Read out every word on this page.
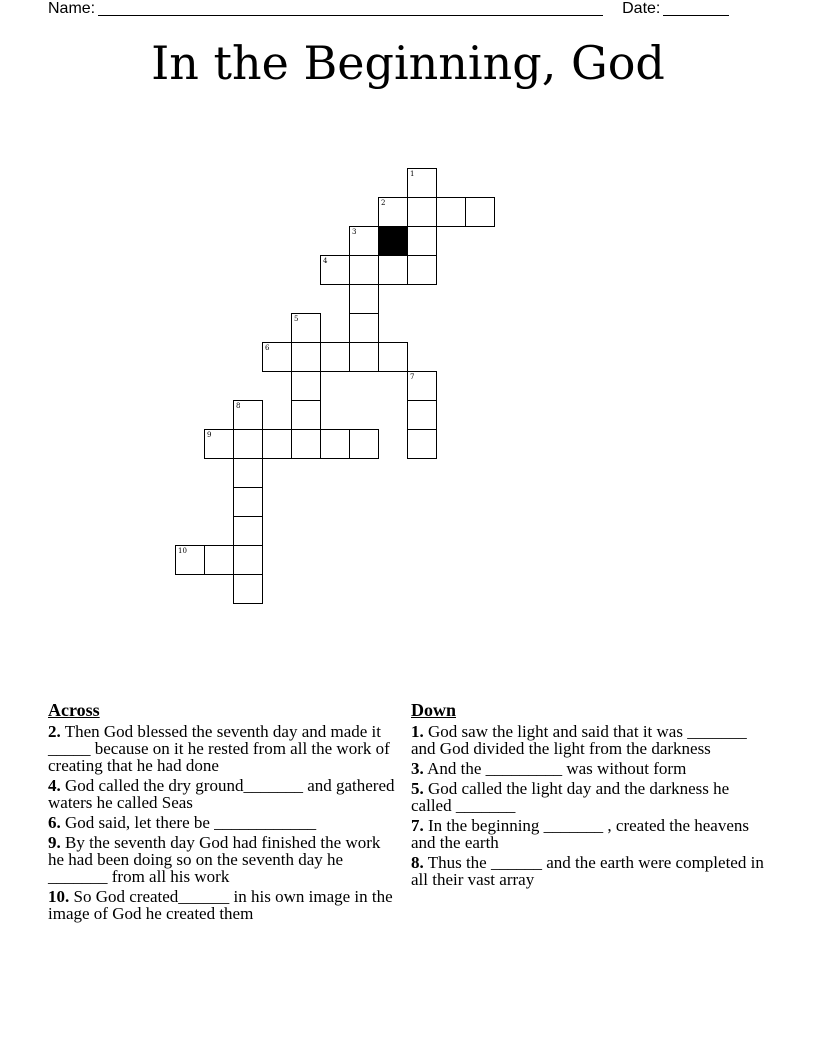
Name:	Date:
In the Beginning, God
1
2
3
4
5
6
7
8
9
10
Across
2. Then God blessed the seventh day and made it _____ because on it he rested from all the work of creating that he had done
4. God called the dry ground_______ and gathered waters he called Seas
6. God said, let there be ____________
9. By the seventh day God had finished the work he had been doing so on the seventh day he _______ from all his work
10. So God created______ in his own image in the image of God he created them
Down
1. God saw the light and said that it was _______ and God divided the light from the darkness
3. And the _________ was without form
5. God called the light day and the darkness he called _______
7. In the beginning _______ , created the heavens and the earth
8. Thus the ______ and the earth were completed in all their vast array
